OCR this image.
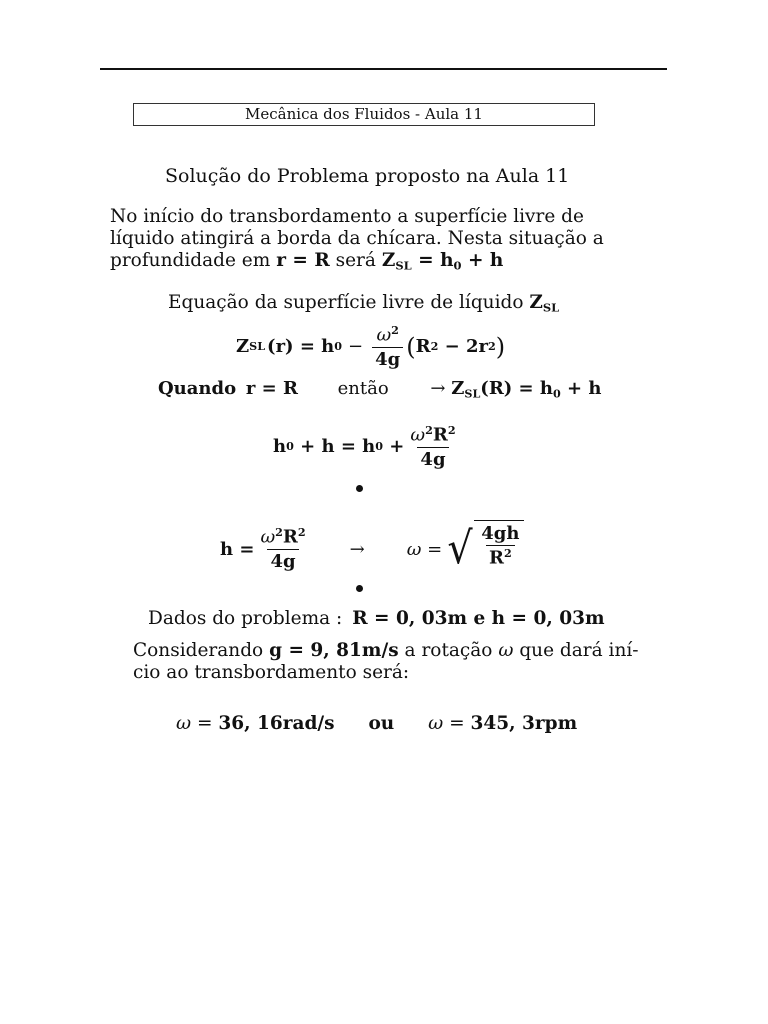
Mecânica dos Fluidos - Aula 11
Solução do Problema proposto na Aula 11
No início do transbordamento a superfície livre de
líquido atingirá a borda da chícara. Nesta situação a
profundidade em r = R será $Z_{SL} = h_0 + h$
Equação da superfície livre de líquido $Z_{SL}$
Z SL (r) = h $0 - \frac{\omega^2}{4g}$ ( R 2 − 2r 2 )
Quando r = R então → $Z_{SL}(R) = h_0 + h$
h 0 + h = h $0 + \frac{\omega^2R^2}{4g}$
$h = \frac{\omega^2R^2}{4g} \to \omega$ = √ $\frac{4gh}{R^2}$
Dados do problema : R = 0, 03m e h = 0, 03m
Considerando g = 9, 81m/s a rotação ω que dará iní-
cio ao transbordamento será:
ω = 36, 16rad/s ou ω = 345, 3rpm
